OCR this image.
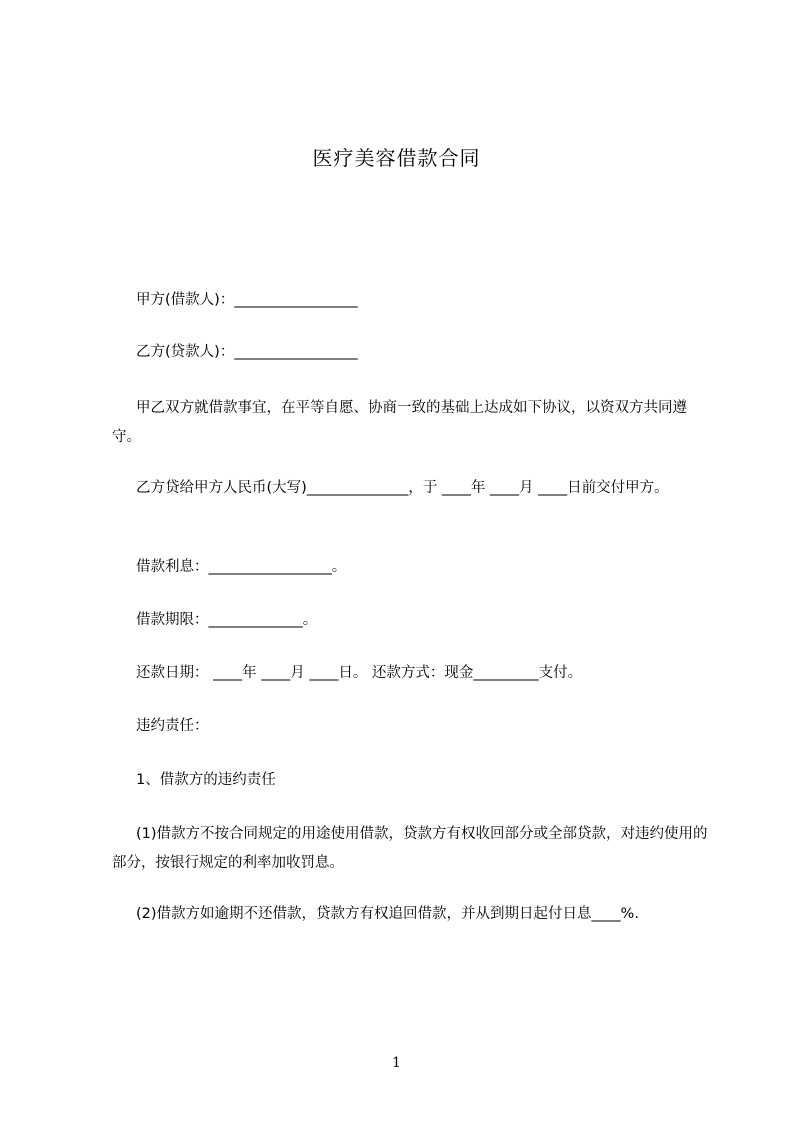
医疗美容借款合同
甲方(借款人)：_________________
乙方(贷款人)：_________________
甲乙双方就借款事宜，在平等自愿、协商一致的基础上达成如下协议，以资双方共同遵守。
乙方贷给甲方人民币(大写)______________，于 ____年 ____月 ____日前交付甲方。
借款利息：_________________。
借款期限：_____________。
还款日期： ____年 ____月 ____日。 还款方式：现金_________支付。
违约责任：
1、借款方的违约责任
(1)借款方不按合同规定的用途使用借款，贷款方有权收回部分或全部贷款，对违约使用的部分，按银行规定的利率加收罚息。
(2)借款方如逾期不还借款，贷款方有权追回借款，并从到期日起付日息____%.
1
